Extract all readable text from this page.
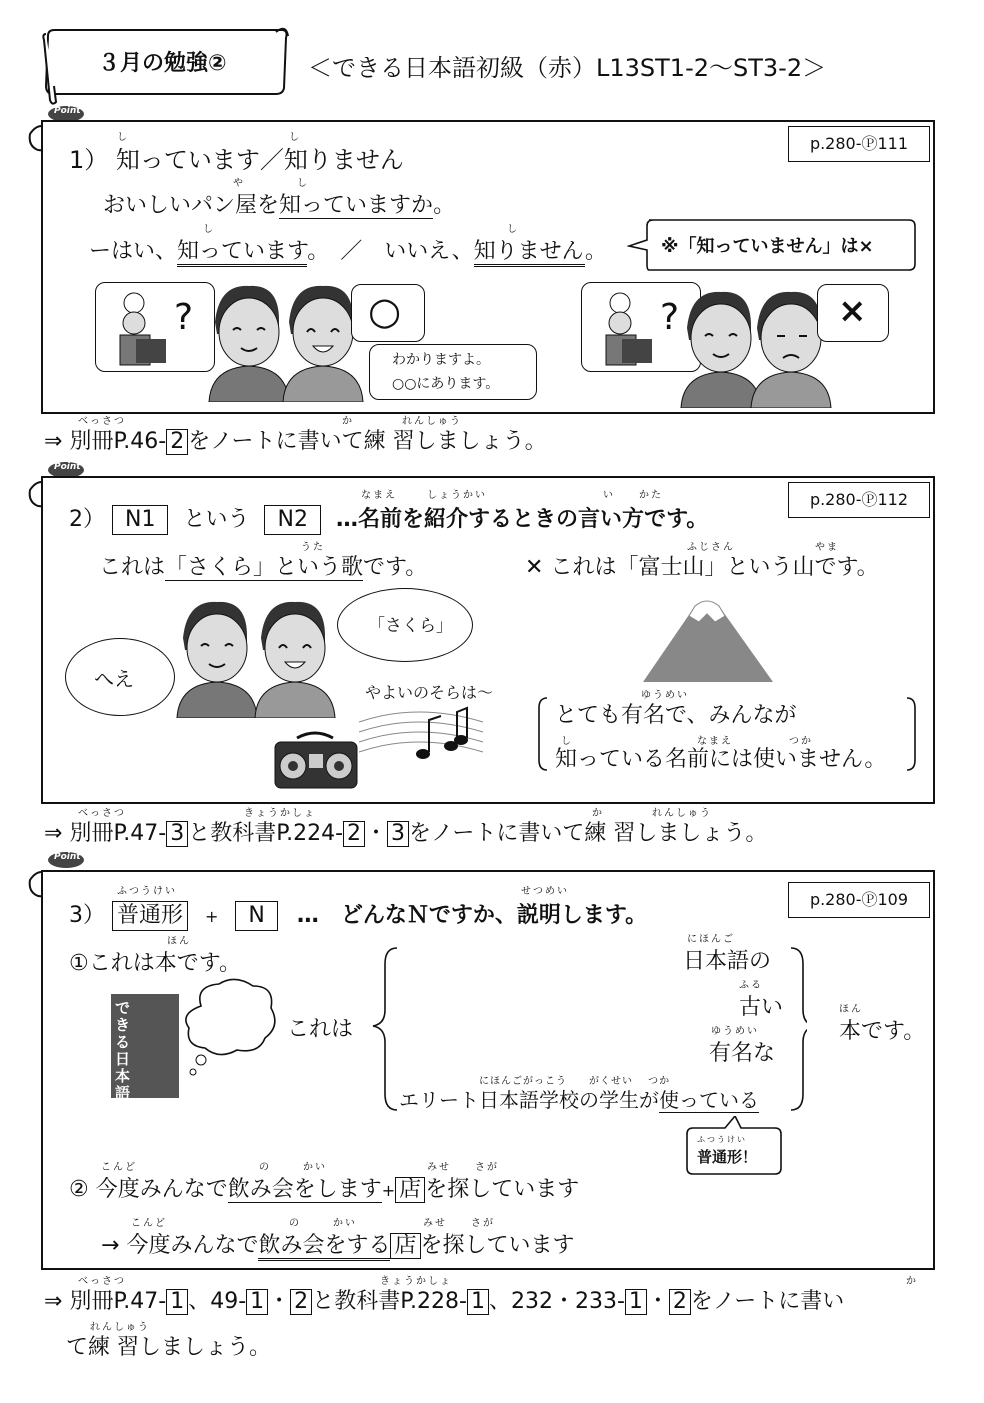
３月の勉強②	＜できる日本語初級（赤）L13ST1-2～ST3-2＞
Point
p.280-Ⓟ111
1） 知っています／知りません
し	し
おいしいパン屋を知っていますか。
や	し
ーはい、知っています。　／　いいえ、知りません。
し	し
※「知っていません」は×
?	○
わかりますよ。
○○にあります。
?	×
⇒ 別冊P.46- 2 をノートに書いて練 習しましょう。
べっさつ	か	れんしゅう
Point
p.280-Ⓟ112
2） N1 という N2 …名前を紹介するときの言い方です。
なまえ	しょうかい	い かた
これは「さくら」という歌です。
うた
✕ これは「富士山」という山です。
ふじさん	やま
へえ
「さくら」
やよいのそらは～
とても有名で、みんなが
知っている名前には使いません。
ゆうめい
し	なまえ	つか
⇒ 別冊P.47- 3 と教科書P.224- 2 ・ 3 をノートに書いて練 習しましょう。
べっさつ	きょうかしょ	か	れんしゅう
Point
p.280-Ⓟ109
3） 普通形 + N …　どんなＮですか、説明します。
ふつうけい	せつめい
①これは本です。
ほん
できる日本語
これは
日本語の
にほんご
古い
ふる
有名な
ゆうめい
エリート日本語学校の学生が使っている
にほんごがっこう　　がくせい　 つか
本です。
ほん
普通形！
ふつうけい
② 今度みんなで飲み会をします+ 店 を探しています
こんど	の	かい	みせ さが
→ 今度みんなで飲み会をする 店 を探しています
こんど	の	かい	みせ さが
⇒ 別冊P.47- 1 、49- 1 ・ 2 と教科書P.228- 1 、232・233- 1 ・ 2 をノートに書い
べっさつ	きょうかしょ	か
て練 習しましょう。
れんしゅう
